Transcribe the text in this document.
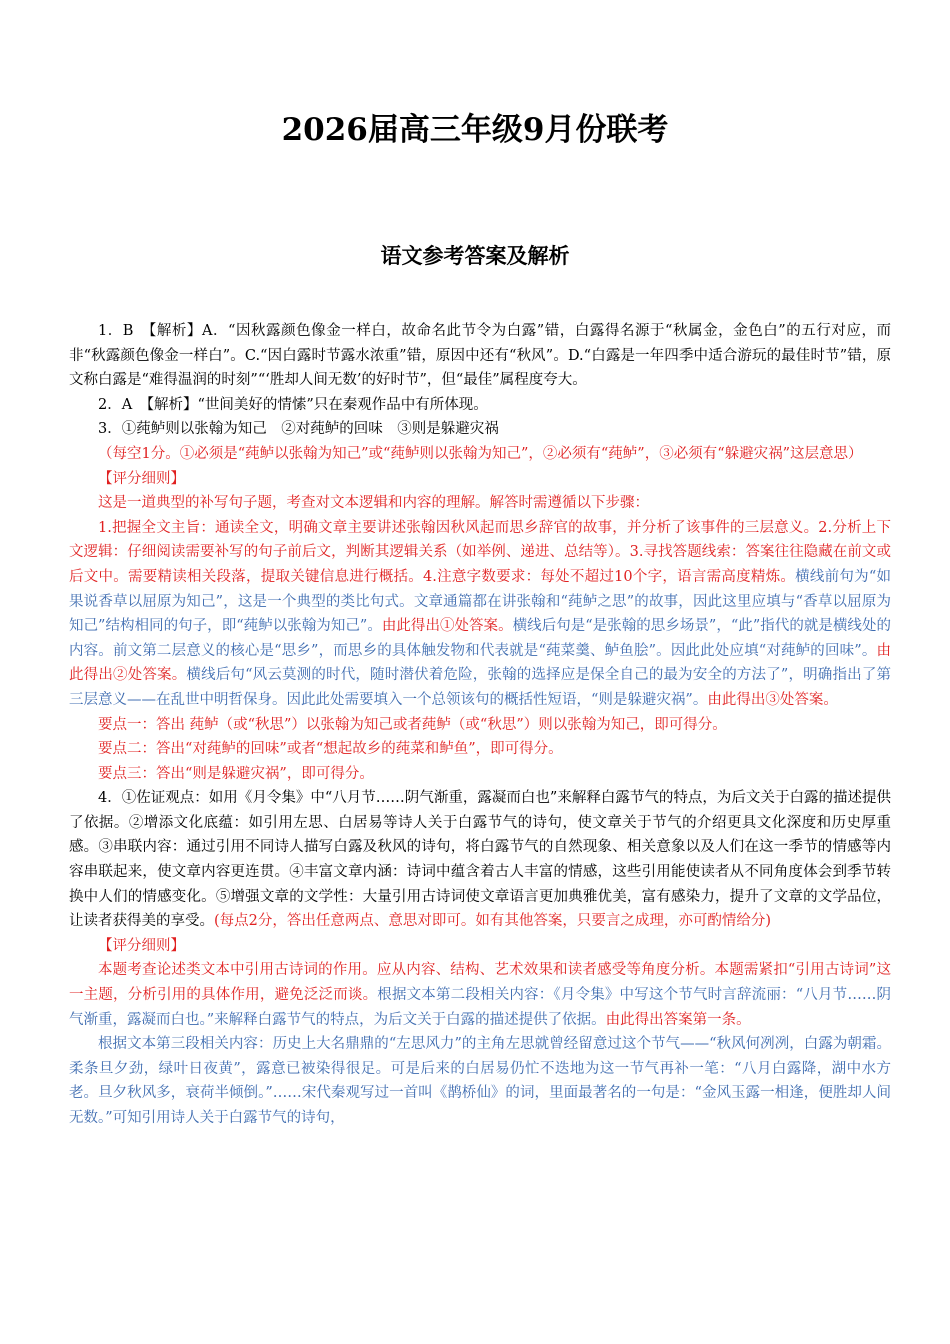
2026届高三年级9月份联考
语文参考答案及解析

1．B　【解析】A．“因秋露颜色像金一样白，故命名此节令为白露”错，白露得名源于“秋属金，金色白”的五行对应，而非“秋露颜色像金一样白”。C.“因白露时节露水浓重”错，原因中还有“秋风”。D.“白露是一年四季中适合游玩的最佳时节”错，原文称白露是“难得温润的时刻”“‘胜却人间无数’的好时节”，但“最佳”属程度夸大。

2．A　【解析】“世间美好的情愫”只在秦观作品中有所体现。

3．①莼鲈则以张翰为知己　②对莼鲈的回味　③则是躲避灾祸

（每空1分。①必须是“莼鲈以张翰为知己”或“莼鲈则以张翰为知己”，②必须有“莼鲈”，③必须有“躲避灾祸”这层意思）

【评分细则】

这是一道典型的补写句子题，考查对文本逻辑和内容的理解。解答时需遵循以下步骤：

1.把握全文主旨：通读全文，明确文章主要讲述张翰因秋风起而思乡辞官的故事，并分析了该事件的三层意义。2.分析上下文逻辑：仔细阅读需要补写的句子前后文，判断其逻辑关系（如举例、递进、总结等）。3.寻找答题线索：答案往往隐藏在前文或后文中。需要精读相关段落，提取关键信息进行概括。4.注意字数要求：每处不超过10个字，语言需高度精炼。横线前句为“如果说香草以屈原为知己”，这是一个典型的类比句式。文章通篇都在讲张翰和“莼鲈之思”的故事，因此这里应填与“香草以屈原为知己”结构相同的句子，即“莼鲈以张翰为知己”。由此得出①处答案。横线后句是“是张翰的思乡场景”，“此”指代的就是横线处的内容。前文第二层意义的核心是“思乡”，而思乡的具体触发物和代表就是“莼菜羹、鲈鱼脍”。因此此处应填“对莼鲈的回味”。由此得出②处答案。横线后句“风云莫测的时代，随时潜伏着危险，张翰的选择应是保全自己的最为安全的方法了”，明确指出了第三层意义——在乱世中明哲保身。因此此处需要填入一个总领该句的概括性短语，“则是躲避灾祸”。由此得出③处答案。

要点一：答出 莼鲈（或“秋思”）以张翰为知己或者莼鲈（或“秋思”）则以张翰为知己，即可得分。

要点二：答出“对莼鲈的回味”或者“想起故乡的莼菜和鲈鱼”，即可得分。

要点三：答出“则是躲避灾祸”，即可得分。

4．①佐证观点：如用《月令集》中“八月节……阴气渐重，露凝而白也”来解释白露节气的特点，为后文关于白露的描述提供了依据。②增添文化底蕴：如引用左思、白居易等诗人关于白露节气的诗句，使文章关于节气的介绍更具文化深度和历史厚重感。③串联内容：通过引用不同诗人描写白露及秋风的诗句，将白露节气的自然现象、相关意象以及人们在这一季节的情感等内容串联起来，使文章内容更连贯。④丰富文章内涵：诗词中蕴含着古人丰富的情感，这些引用能使读者从不同角度体会到季节转换中人们的情感变化。⑤增强文章的文学性：大量引用古诗词使文章语言更加典雅优美，富有感染力，提升了文章的文学品位，让读者获得美的享受。(每点2分，答出任意两点、意思对即可。如有其他答案，只要言之成理，亦可酌情给分)

【评分细则】

本题考查论述类文本中引用古诗词的作用。应从内容、结构、艺术效果和读者感受等角度分析。本题需紧扣“引用古诗词”这一主题，分析引用的具体作用，避免泛泛而谈。根据文本第二段相关内容：《月令集》中写这个节气时言辞流丽：“八月节……阴气渐重，露凝而白也。”来解释白露节气的特点，为后文关于白露的描述提供了依据。由此得出答案第一条。

根据文本第三段相关内容：历史上大名鼎鼎的“左思风力”的主角左思就曾经留意过这个节气——“秋风何冽冽，白露为朝霜。柔条旦夕劲，绿叶日夜黄”，露意已被染得很足。可是后来的白居易仍忙不迭地为这一节气再补一笔：“八月白露降，湖中水方老。旦夕秋风多，衰荷半倾倒。”……宋代秦观写过一首叫《鹊桥仙》的词，里面最著名的一句是：“金风玉露一相逢，便胜却人间无数。”可知引用诗人关于白露节气的诗句，
